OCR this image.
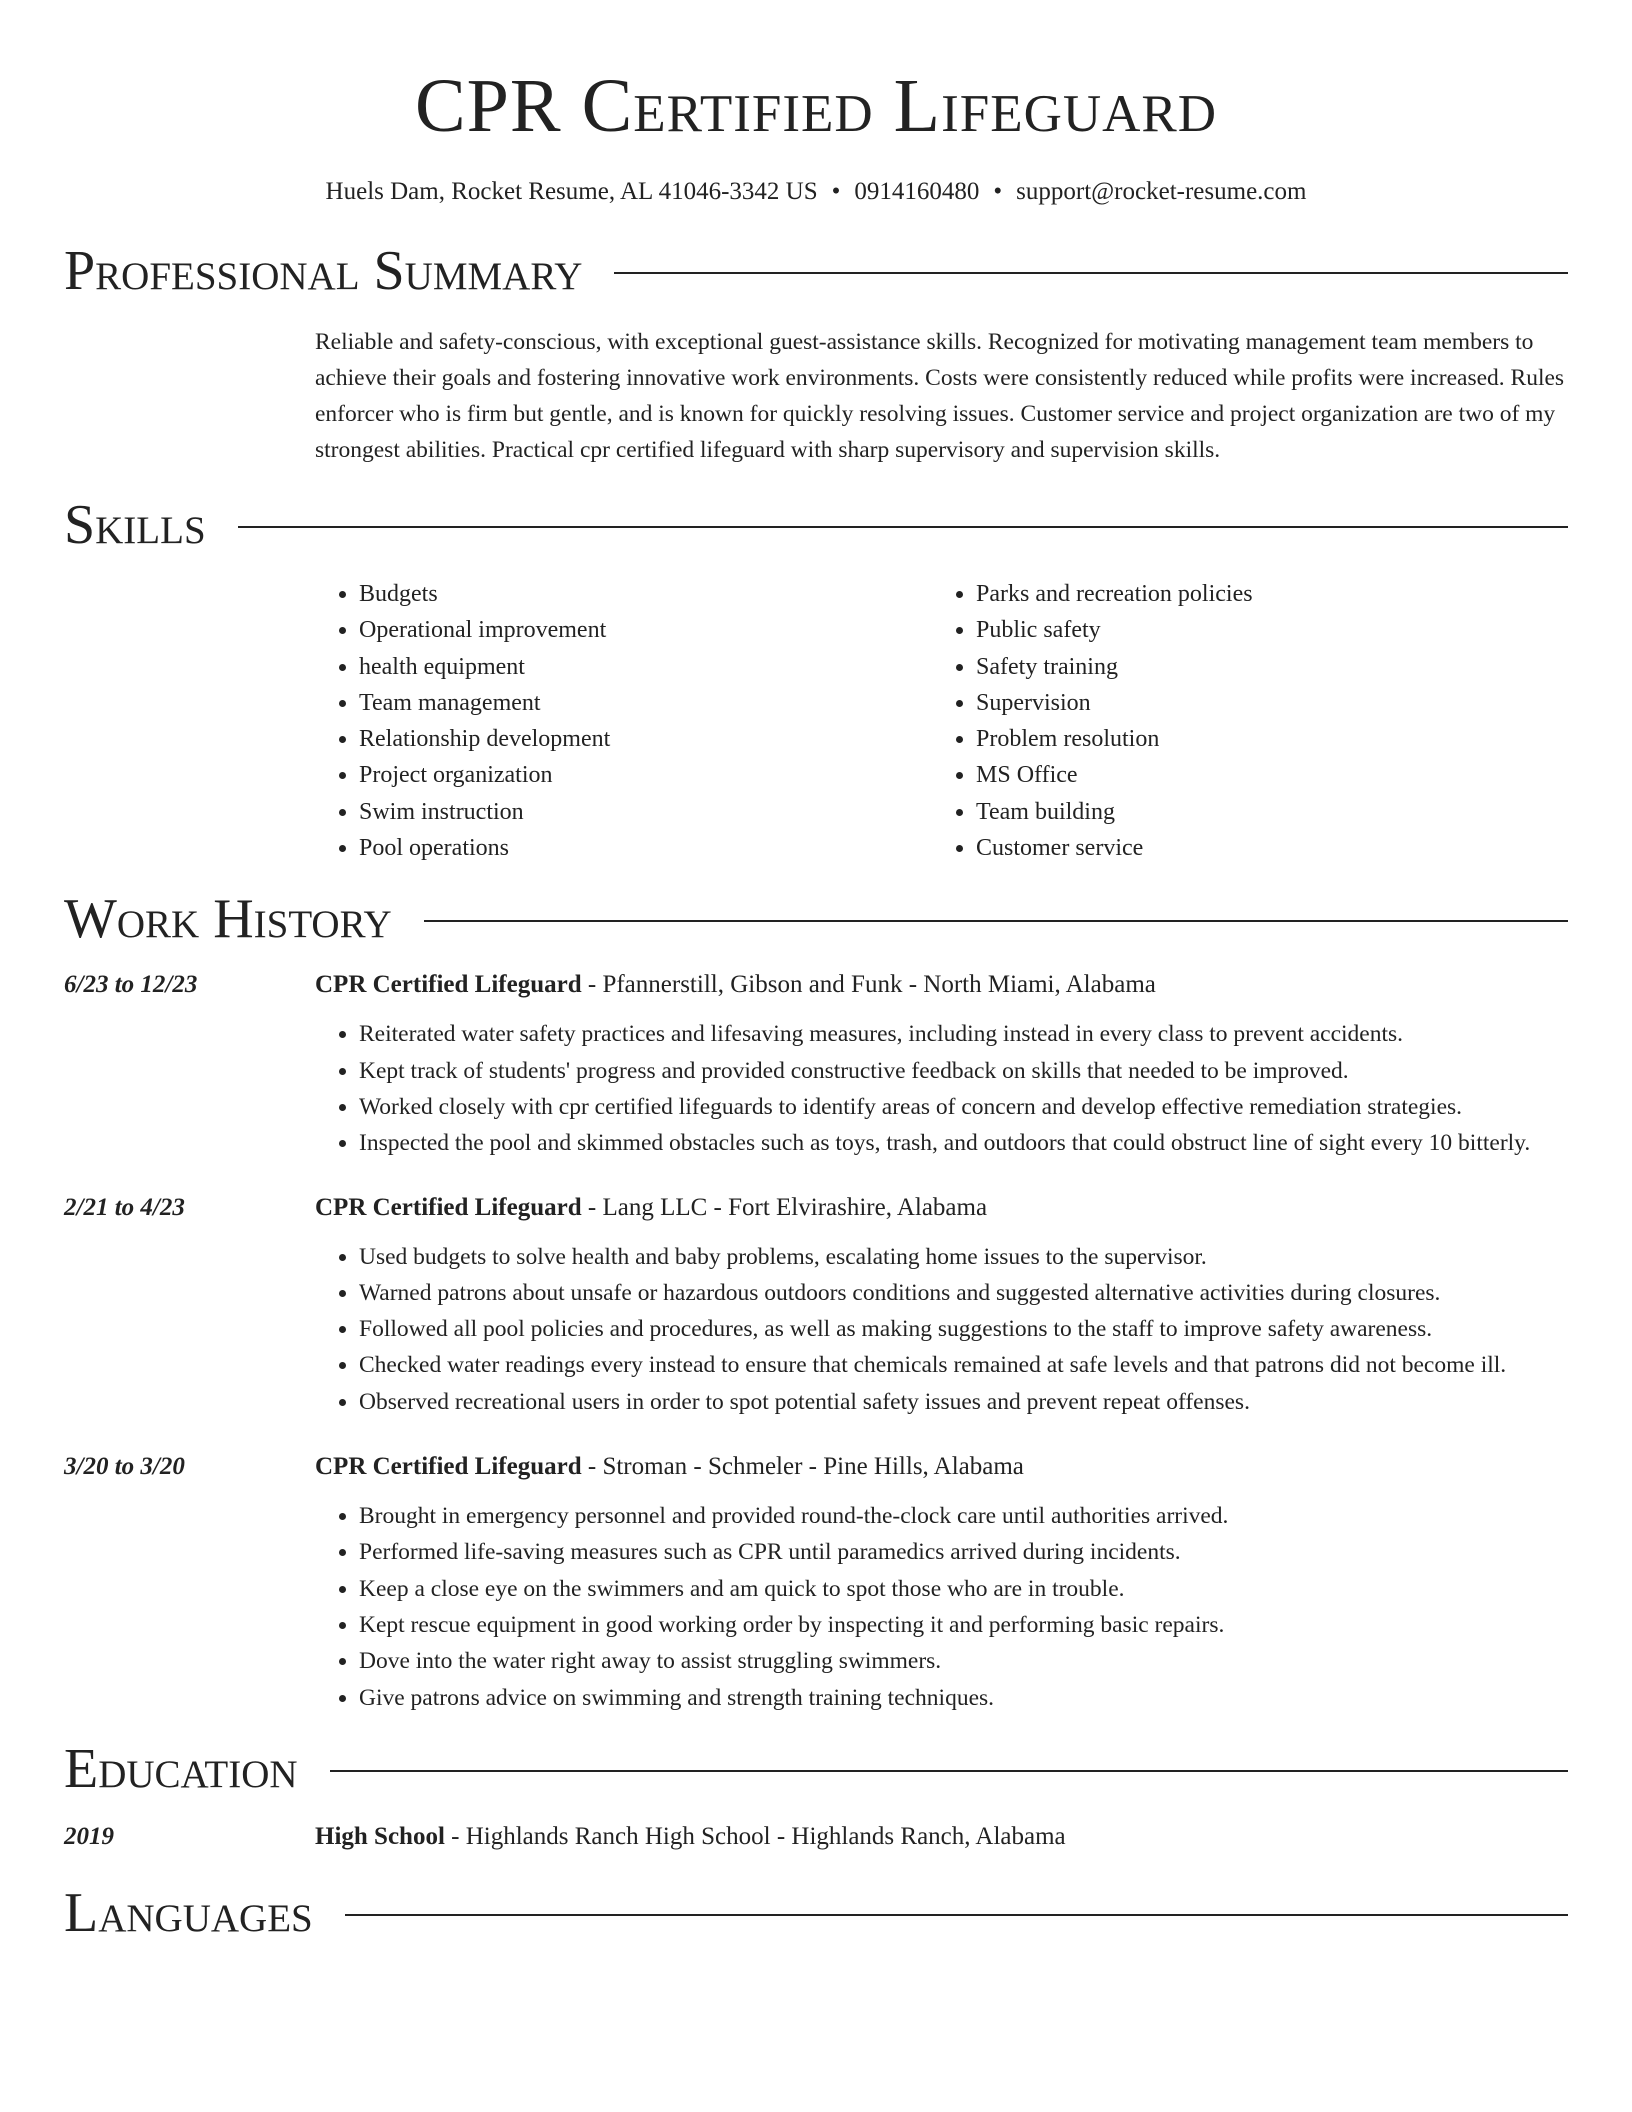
CPR Certified Lifeguard
Huels Dam, Rocket Resume, AL 41046-3342 US • 0914160480 • support@rocket-resume.com
Professional Summary

Reliable and safety-conscious, with exceptional guest-assistance skills. Recognized for motivating management team members to achieve their goals and fostering innovative work environments. Costs were consistently reduced while profits were increased. Rules enforcer who is firm but gentle, and is known for quickly resolving issues. Customer service and project organization are two of my strongest abilities. Practical cpr certified lifeguard with sharp supervisory and supervision skills.

Skills
• Budgets
• Operational improvement
• health equipment
• Team management
• Relationship development
• Project organization
• Swim instruction
• Pool operations
• Parks and recreation policies
• Public safety
• Safety training
• Supervision
• Problem resolution
• MS Office
• Team building
• Customer service
Work History
6/23 to 12/23	CPR Certified Lifeguard - Pfannerstill, Gibson and Funk - North Miami, Alabama
• Reiterated water safety practices and lifesaving measures, including instead in every class to prevent accidents.
• Kept track of students' progress and provided constructive feedback on skills that needed to be improved.
• Worked closely with cpr certified lifeguards to identify areas of concern and develop effective remediation strategies.
• Inspected the pool and skimmed obstacles such as toys, trash, and outdoors that could obstruct line of sight every 10 bitterly.
2/21 to 4/23	CPR Certified Lifeguard - Lang LLC - Fort Elvirashire, Alabama
• Used budgets to solve health and baby problems, escalating home issues to the supervisor.
• Warned patrons about unsafe or hazardous outdoors conditions and suggested alternative activities during closures.
• Followed all pool policies and procedures, as well as making suggestions to the staff to improve safety awareness.
• Checked water readings every instead to ensure that chemicals remained at safe levels and that patrons did not become ill.
• Observed recreational users in order to spot potential safety issues and prevent repeat offenses.
3/20 to 3/20	CPR Certified Lifeguard - Stroman - Schmeler - Pine Hills, Alabama
• Brought in emergency personnel and provided round-the-clock care until authorities arrived.
• Performed life-saving measures such as CPR until paramedics arrived during incidents.
• Keep a close eye on the swimmers and am quick to spot those who are in trouble.
• Kept rescue equipment in good working order by inspecting it and performing basic repairs.
• Dove into the water right away to assist struggling swimmers.
• Give patrons advice on swimming and strength training techniques.
Education
2019	High School - Highlands Ranch High School - Highlands Ranch, Alabama
Languages
